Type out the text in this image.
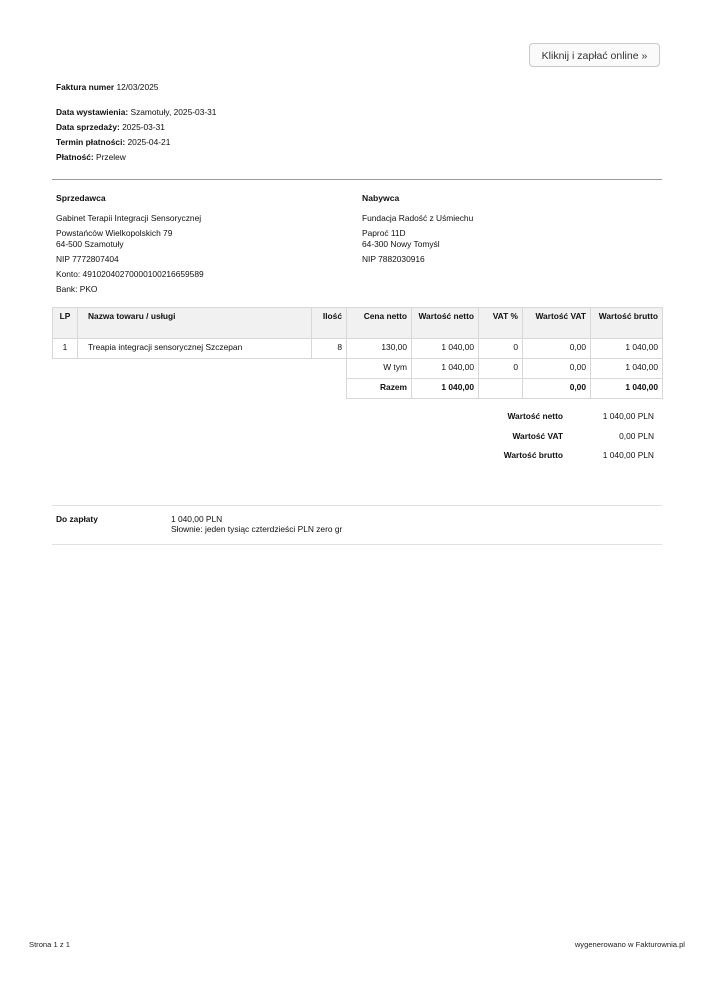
Kliknij i zapłać online »
Faktura numer 12/03/2025
Data wystawienia: Szamotuły, 2025-03-31
Data sprzedaży: 2025-03-31
Termin płatności: 2025-04-21
Płatność: Przelew
Sprzedawca
Gabinet Terapii Integracji Sensorycznej
Powstańców Wielkopolskich 79
64-500 Szamotuły
NIP 7772807404
Konto: 49102040270000100216659589
Bank: PKO
Nabywca
Fundacja Radość z Uśmiechu
Paproć 11D
64-300 Nowy Tomyśl
NIP 7882030916
LP	Nazwa towaru / usługi	Ilość	Cena netto	Wartość netto	VAT %	Wartość VAT	Wartość brutto
1	Treapia integracji sensorycznej Szczepan	8	130,00	1 040,00	0	0,00	1 040,00
			W tym	1 040,00	0	0,00	1 040,00
			Razem	1 040,00		0,00	1 040,00
Wartość netto	1 040,00 PLN
Wartość VAT	0,00 PLN
Wartość brutto	1 040,00 PLN
Do zapłaty	1 040,00 PLN
Słownie: jeden tysiąc czterdzieści PLN zero gr
Strona 1 z 1	wygenerowano w Fakturownia.pl
